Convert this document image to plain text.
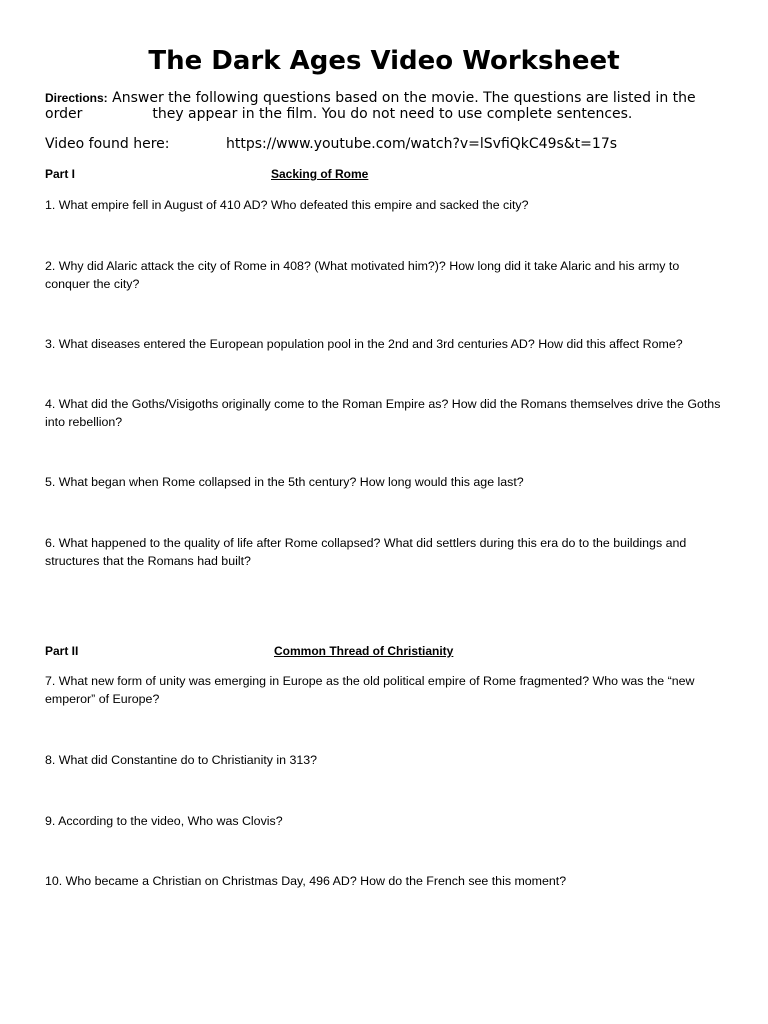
The Dark Ages Video Worksheet
Directions: Answer the following questions based on the movie. The questions are listed in the
order	they appear in the film. You do not need to use complete sentences.
Video found here:	https://www.youtube.com/watch?v=lSvfiQkC49s&t=17s
Part I	Sacking of Rome

1. What empire fell in August of 410 AD? Who defeated this empire and sacked the city?

2. Why did Alaric attack the city of Rome in 408? (What motivated him?)? How long did it take Alaric and his army to conquer the city?

3. What diseases entered the European population pool in the 2nd and 3rd centuries AD? How did this affect Rome?

4. What did the Goths/Visigoths originally come to the Roman Empire as? How did the Romans themselves drive the Goths into rebellion?

5. What began when Rome collapsed in the 5th century? How long would this age last?

6. What happened to the quality of life after Rome collapsed? What did settlers during this era do to the buildings and structures that the Romans had built?

Part II	Common Thread of Christianity

7. What new form of unity was emerging in Europe as the old political empire of Rome fragmented? Who was the “new emperor” of Europe?

8. What did Constantine do to Christianity in 313?

9. According to the video, Who was Clovis?

10. Who became a Christian on Christmas Day, 496 AD? How do the French see this moment?
